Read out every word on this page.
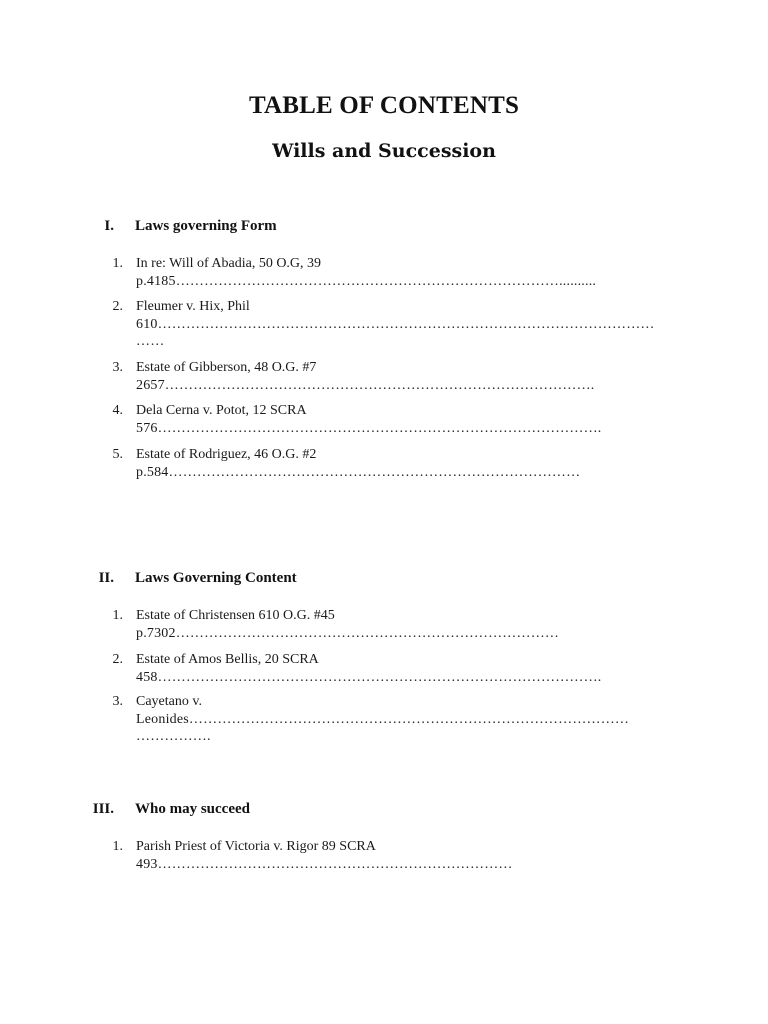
TABLE OF CONTENTS
Wills and Succession
I. Laws governing Form
1. In re: Will of Abadia, 50 O.G, 39
p.4185………………………………………………………………………..........
2. Fleumer v. Hix, Phil
610……………………………………………………………………………………………
……
3. Estate of Gibberson, 48 O.G. #7
2657……………………………………………………………………………….
4. Dela Cerna v. Potot, 12 SCRA
576………………………………………………………………………………….
5. Estate of Rodriguez, 46 O.G. #2
p.584……………………………………………………………………………
II. Laws Governing Content
1. Estate of Christensen 610 O.G. #45
p.7302………………………………………………………………………
2. Estate of Amos Bellis, 20 SCRA
458………………………………………………………………………………….
3. Cayetano v.
Leonides…………………………………………………………………………………
…………….
III. Who may succeed
1. Parish Priest of Victoria v. Rigor 89 SCRA
493…………………………………………………………………
